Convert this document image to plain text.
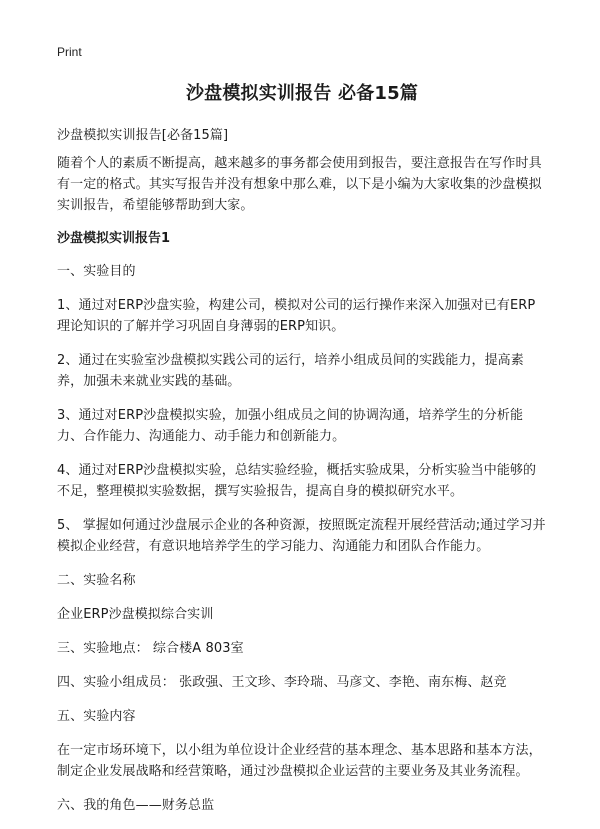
Print
沙盘模拟实训报告 必备15篇
沙盘模拟实训报告[必备15篇]
随着个人的素质不断提高，越来越多的事务都会使用到报告，要注意报告在写作时具有一定的格式。其实写报告并没有想象中那么难，以下是小编为大家收集的沙盘模拟实训报告，希望能够帮助到大家。
沙盘模拟实训报告1
一、实验目的
1、通过对ERP沙盘实验，构建公司，模拟对公司的运行操作来深入加强对已有ERP理论知识的了解并学习巩固自身薄弱的ERP知识。
2、通过在实验室沙盘模拟实践公司的运行，培养小组成员间的实践能力，提高素养，加强未来就业实践的基础。
3、通过对ERP沙盘模拟实验，加强小组成员之间的协调沟通，培养学生的分析能力、合作能力、沟通能力、动手能力和创新能力。
4、通过对ERP沙盘模拟实验，总结实验经验，概括实验成果，分析实验当中能够的不足，整理模拟实验数据，撰写实验报告，提高自身的模拟研究水平。
5、 掌握如何通过沙盘展示企业的各种资源，按照既定流程开展经营活动;通过学习并模拟企业经营，有意识地培养学生的学习能力、沟通能力和团队合作能力。
二、实验名称
企业ERP沙盘模拟综合实训
三、实验地点： 综合楼A 803室
四、实验小组成员： 张政强、王文珍、李玲瑞、马彦文、李艳、南东梅、赵竞
五、实验内容
在一定市场环境下，以小组为单位设计企业经营的基本理念、基本思路和基本方法，制定企业发展战略和经营策略，通过沙盘模拟企业运营的主要业务及其业务流程。
六、我的角色——财务总监
